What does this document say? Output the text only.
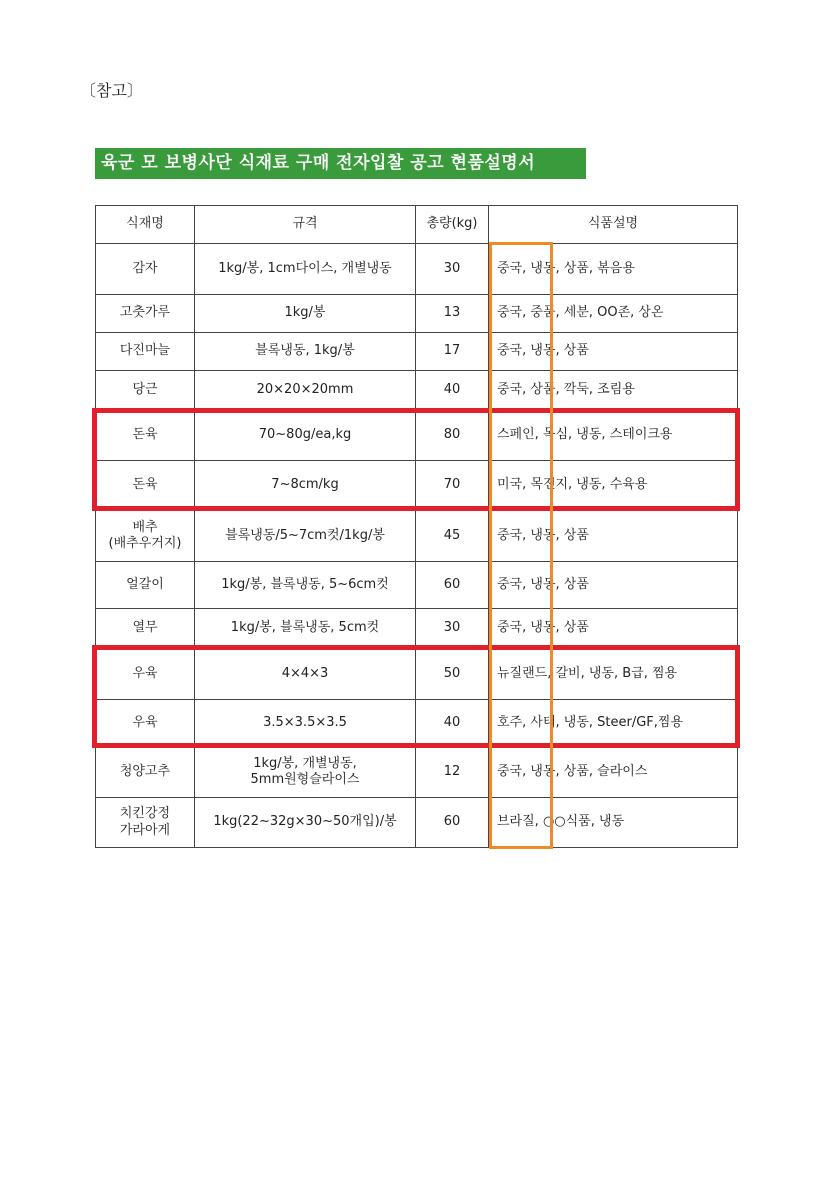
〔참고〕
육군 모 보병사단 식재료 구매 전자입찰 공고 현품설명서
식재명	규격	총량(kg)	식품설명
감자	1kg/봉, 1cm다이스, 개별냉동	30	중국, 냉동, 상품, 볶음용
고춧가루	1kg/봉	13	중국, 중품, 세분, OO존, 상온
다진마늘	블록냉동, 1kg/봉	17	중국, 냉동, 상품
당근	20×20×20mm	40	중국, 상품, 깍둑, 조림용
돈육	70~80g/ea,kg	80	스페인, 목심, 냉동, 스테이크용
돈육	7~8cm/kg	70	미국, 목전지, 냉동, 수육용
배추
(배추우거지)	블록냉동/5~7cm컷/1kg/봉	45	중국, 냉동, 상품
얼갈이	1kg/봉, 블록냉동, 5~6cm컷	60	중국, 냉동, 상품
열무	1kg/봉, 블록냉동, 5cm컷	30	중국, 냉동, 상품
우육	4×4×3	50	뉴질랜드, 갈비, 냉동, B급, 찜용
우육	3.5×3.5×3.5	40	호주, 사태, 냉동, Steer/GF,찜용
청양고추	1kg/봉, 개별냉동,
5mm원형슬라이스	12	중국, 냉동, 상품, 슬라이스
치킨강정
가라아게	1kg(22~32g×30~50개입)/봉	60	브라질, ○○식품, 냉동
